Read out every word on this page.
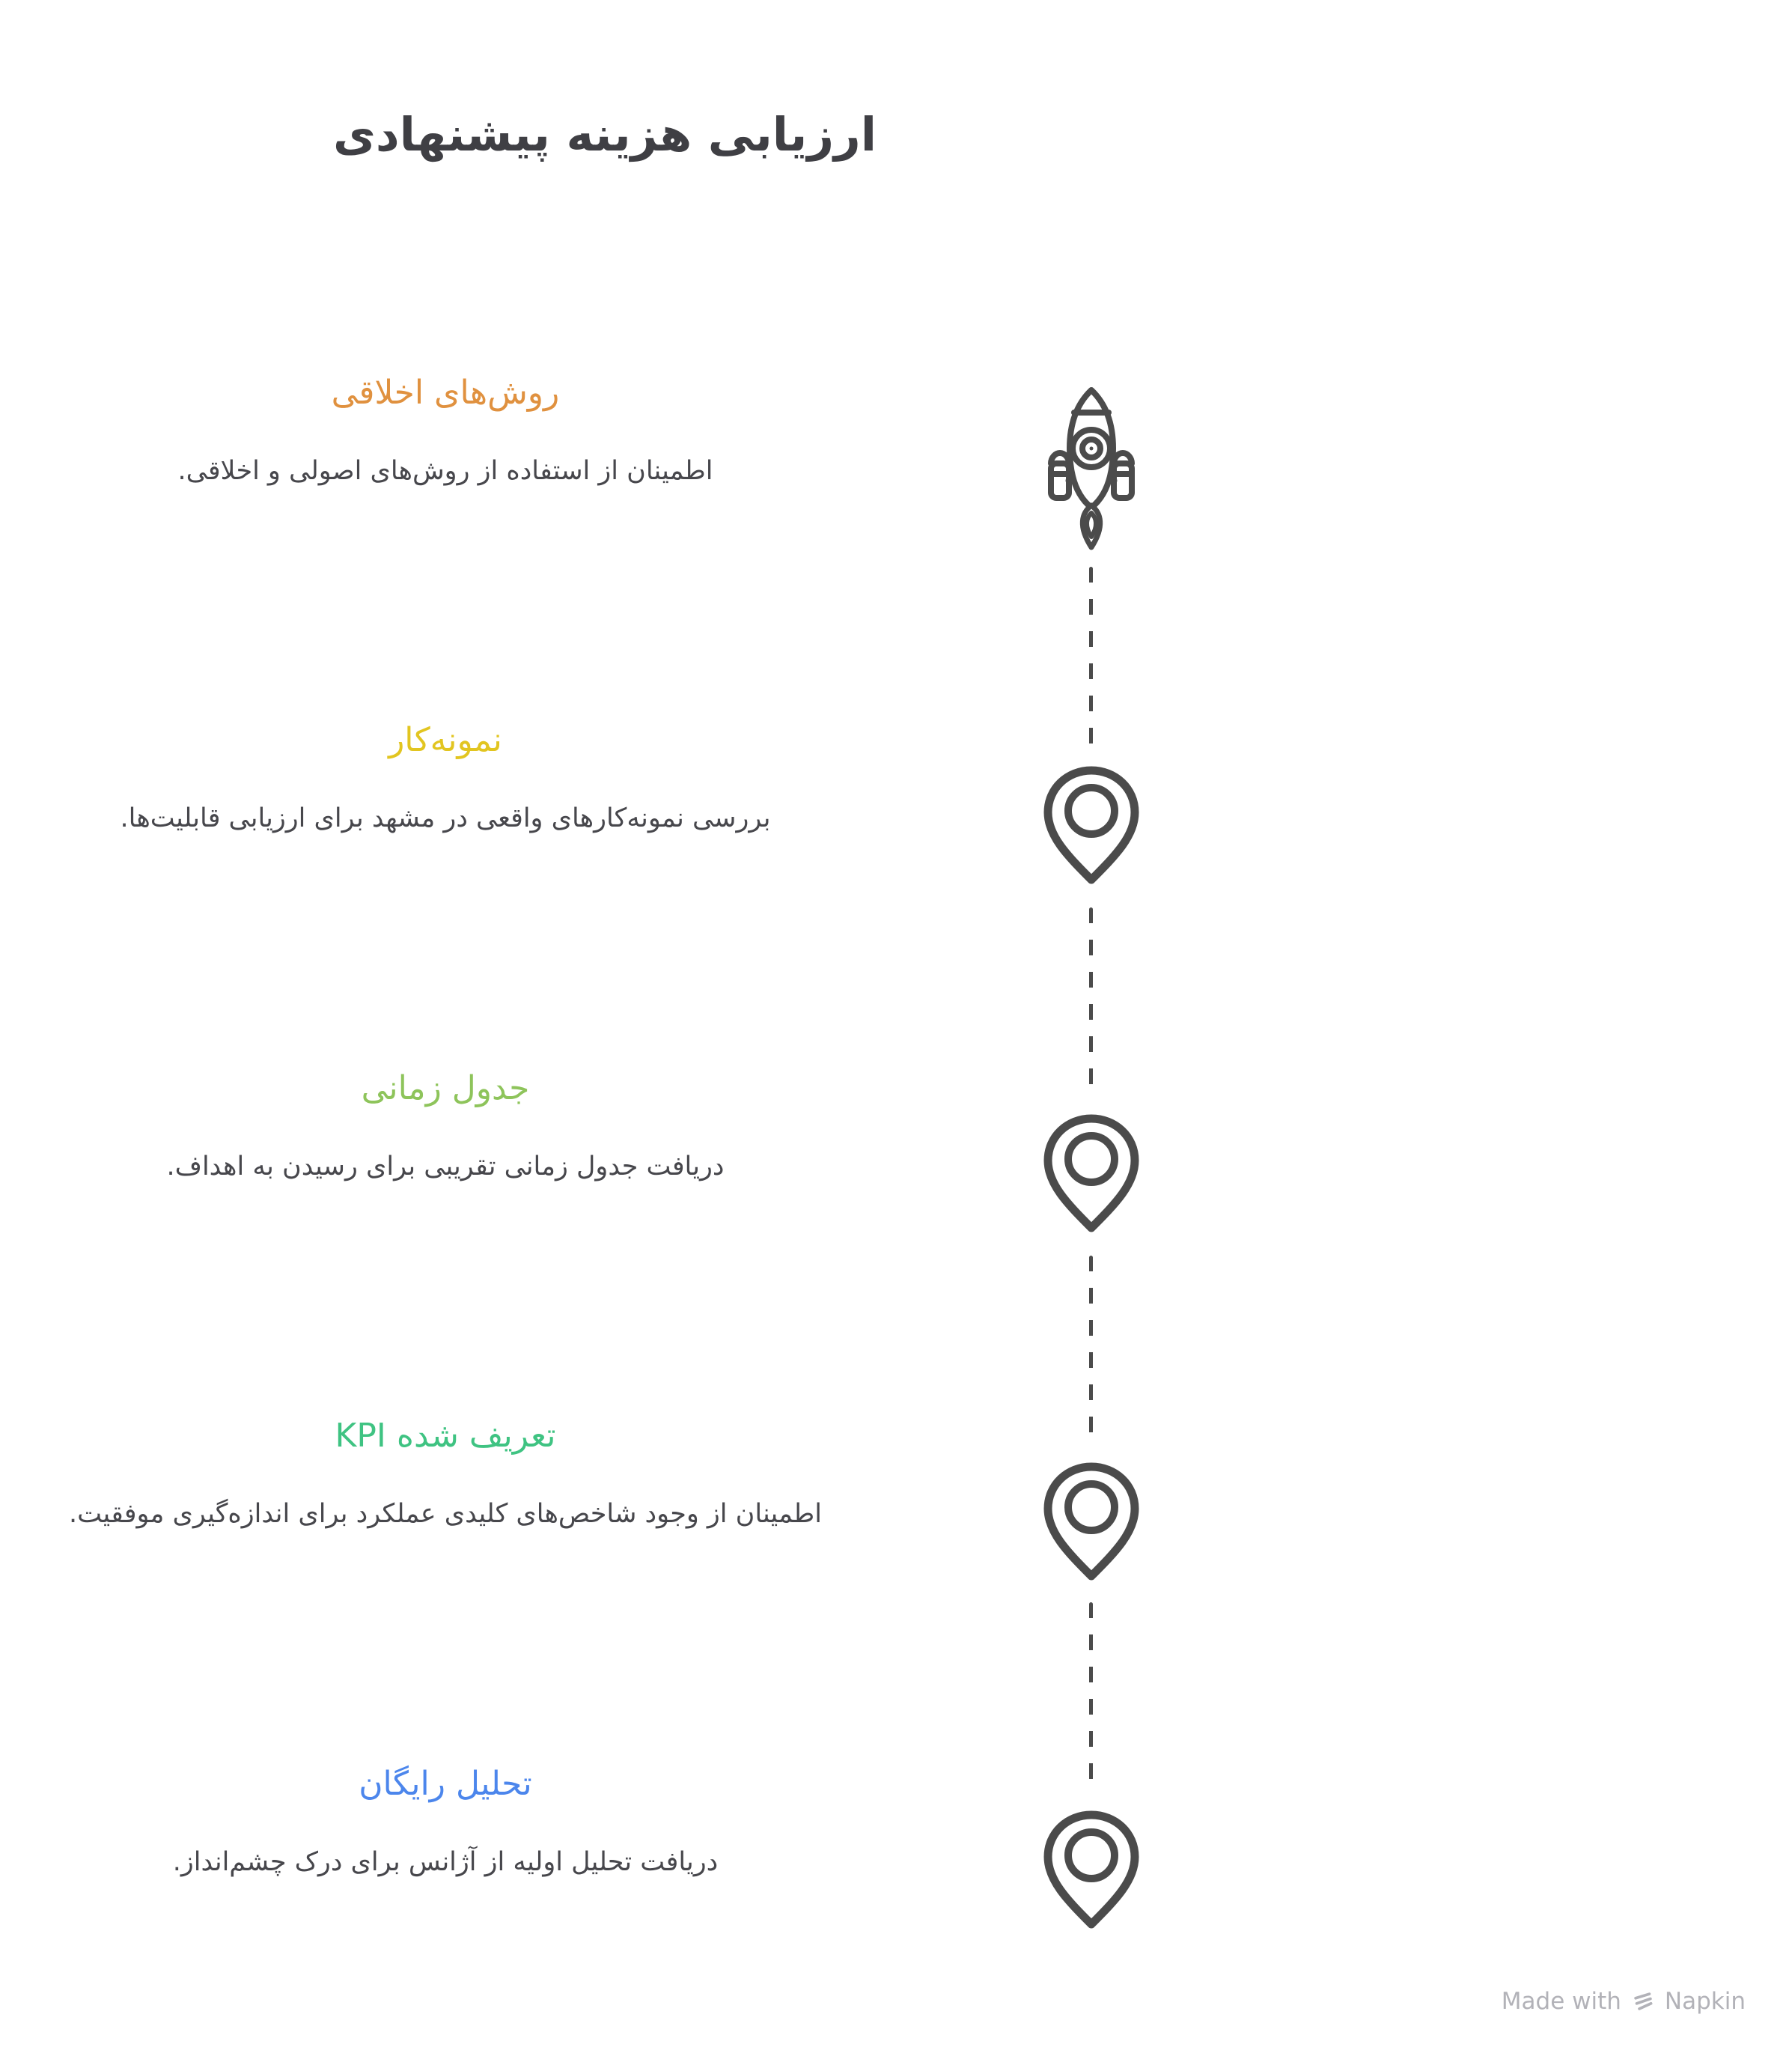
ارزیابی هزینه پیشنهادی
روش‌های اخلاقی

اطمینان از استفاده از روش‌های اصولی و اخلاقی.

نمونه‌کار

بررسی نمونه‌کارهای واقعی در مشهد برای ارزیابی قابلیت‌ها.

جدول زمانی

دریافت جدول زمانی تقریبی برای رسیدن به اهداف.

تعریف شده KPI

اطمینان از وجود شاخص‌های کلیدی عملکرد برای اندازه‌گیری موفقیت.

تحلیل رایگان

دریافت تحلیل اولیه از آژانس برای درک چشم‌انداز.

Made with Napkin
